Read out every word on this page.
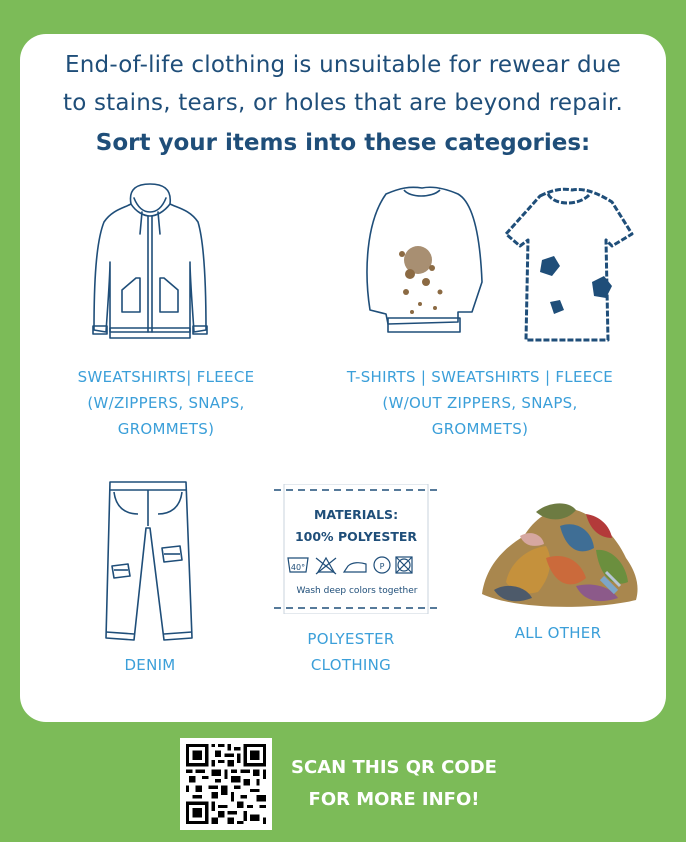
End-of-life clothing is unsuitable for rewear due
to stains, tears, or holes that are beyond repair.
Sort your items into these categories:
SWEATSHIRTS| FLEECE
(W/ZIPPERS, SNAPS,
GROMMETS)
T-SHIRTS | SWEATSHIRTS | FLEECE
(W/OUT ZIPPERS, SNAPS,
GROMMETS)
DENIM
40°	P
MATERIALS:
100% POLYESTER
Wash deep colors together
POLYESTER
CLOTHING
ALL OTHER
SCAN THIS QR CODE
FOR MORE INFO!
